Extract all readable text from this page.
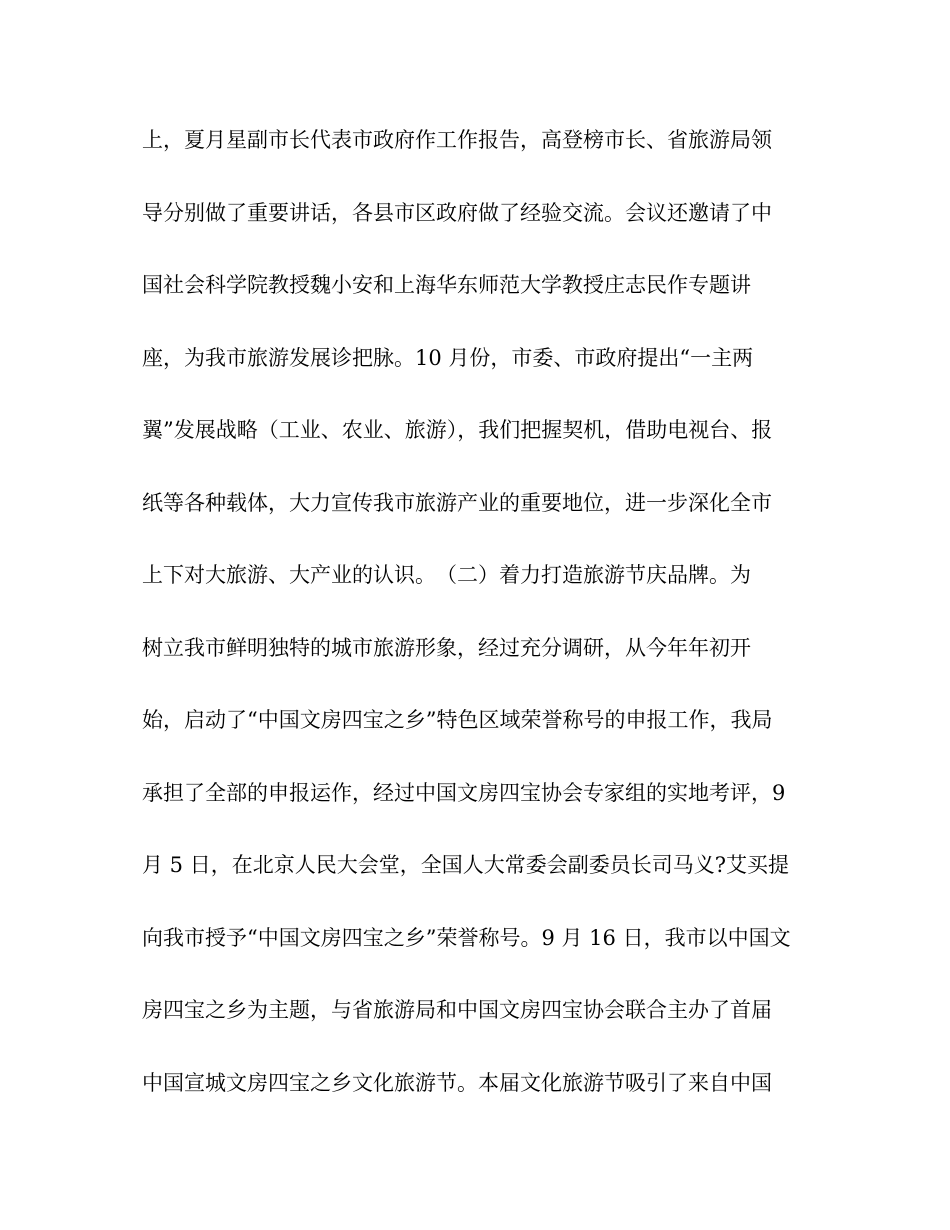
上，夏月星副市长代表市政府作工作报告，高登榜市长、省旅游局领
导分别做了重要讲话，各县市区政府做了经验交流。会议还邀请了中
国社会科学院教授魏小安和上海华东师范大学教授庄志民作专题讲
座，为我市旅游发展诊把脉。10 月份，市委、市政府提出“一主两
翼”发展战略（工业、农业、旅游），我们把握契机，借助电视台、报
纸等各种载体，大力宣传我市旅游产业的重要地位，进一步深化全市
上下对大旅游、大产业的认识。　（二）着力打造旅游节庆品牌。为
树立我市鲜明独特的城市旅游形象，经过充分调研，从今年年初开
始，启动了“中国文房四宝之乡”特色区域荣誉称号的申报工作，我局
承担了全部的申报运作，经过中国文房四宝协会专家组的实地考评，9
月 5 日，在北京人民大会堂，全国人大常委会副委员长司马义?艾买提
向我市授予“中国文房四宝之乡”荣誉称号。9 月 16 日，我市以中国文
房四宝之乡为主题，与省旅游局和中国文房四宝协会联合主办了首届
中国宣城文房四宝之乡文化旅游节。本届文化旅游节吸引了来自中国
